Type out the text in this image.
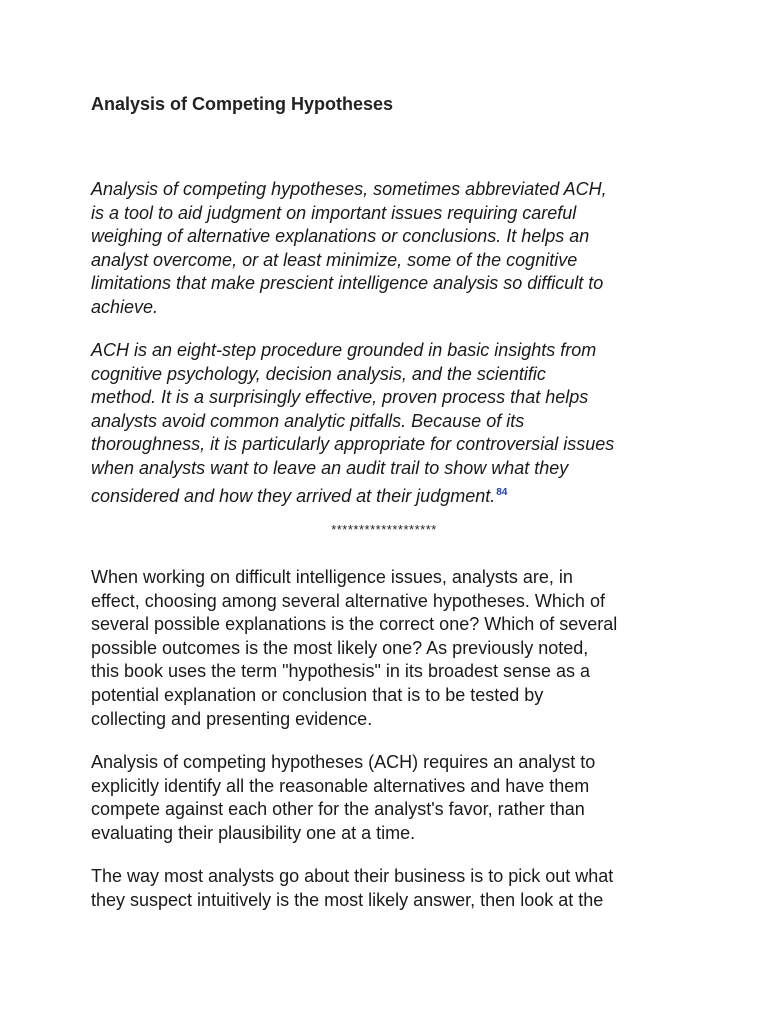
Analysis of Competing Hypotheses

Analysis of competing hypotheses, sometimes abbreviated ACH,
is a tool to aid judgment on important issues requiring careful
weighing of alternative explanations or conclusions. It helps an
analyst overcome, or at least minimize, some of the cognitive
limitations that make prescient intelligence analysis so difficult to
achieve.

ACH is an eight-step procedure grounded in basic insights from
cognitive psychology, decision analysis, and the scientific
method. It is a surprisingly effective, proven process that helps
analysts avoid common analytic pitfalls. Because of its
thoroughness, it is particularly appropriate for controversial issues
when analysts want to leave an audit trail to show what they
considered and how they arrived at their judgment.$^{84}$

*******************

When working on difficult intelligence issues, analysts are, in
effect, choosing among several alternative hypotheses. Which of
several possible explanations is the correct one? Which of several
possible outcomes is the most likely one? As previously noted,
this book uses the term "hypothesis" in its broadest sense as a
potential explanation or conclusion that is to be tested by
collecting and presenting evidence.

Analysis of competing hypotheses (ACH) requires an analyst to
explicitly identify all the reasonable alternatives and have them
compete against each other for the analyst's favor, rather than
evaluating their plausibility one at a time.

The way most analysts go about their business is to pick out what
they suspect intuitively is the most likely answer, then look at the
